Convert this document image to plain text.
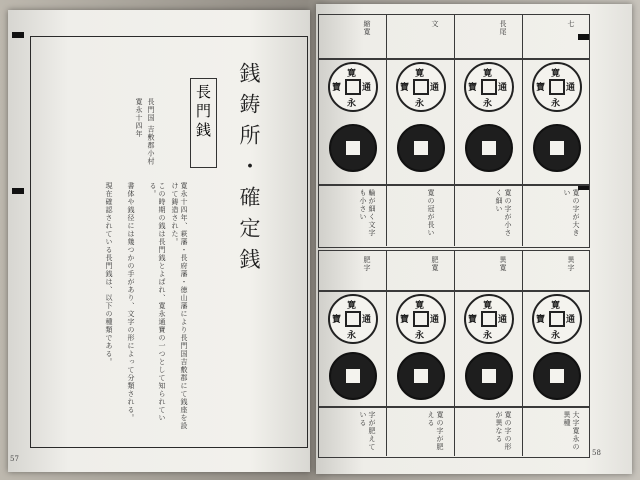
銭鋳所・確定銭
長門銭
長門国 吉敷郡小村
寛永十四年
寛永十四年、萩藩・長府藩・徳山藩により長門国吉敷郡にて銭座を設けて鋳造された。
この時期の銭は長門銭とよばれ、寛永通寶の一つとして知られている。
書体や銭径には幾つかの手があり、文字の形によって分類される。
現在確認されている長門銭は、以下の種類である。
57
58
縮寛
寛
永
寶 通
輪が細く文字も小さい
文
寛
永
寶 通
寛の冠が長い
長尾
寛
永
寶 通
寛の字が小さく細い
七
寛
永
寶 通
寛の字が大きい
肥字
寛
永
寶 通
字が肥えている
肥寛
寛
永
寶 通
寛の字が肥える
異寛
寛
永
寶 通
寛の字の形が異なる
異字
寛
永
寶 通
大字寛永の異種
